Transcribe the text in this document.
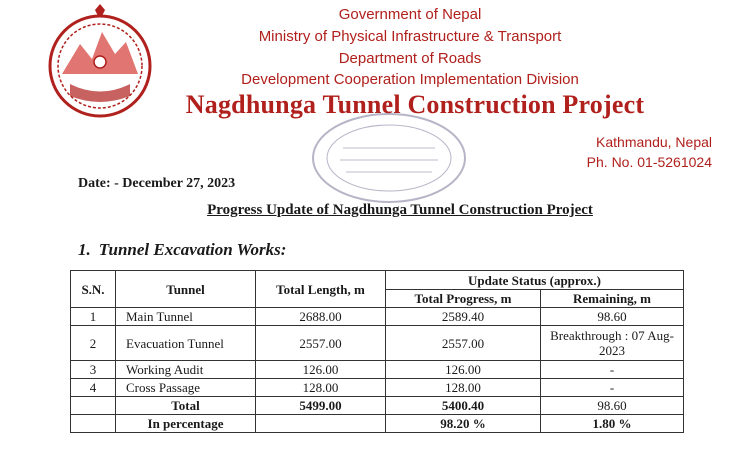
Government of Nepal
Ministry of Physical Infrastructure & Transport
Department of Roads
Development Cooperation Implementation Division
Nagdhunga Tunnel Construction Project
Kathmandu, Nepal
Ph. No. 01-5261024
Date: - December 27, 2023
Progress Update of Nagdhunga Tunnel Construction Project
1. Tunnel Excavation Works:
S.N.	Tunnel	Total Length, m	Update Status (approx.)	
			Total Progress, m	Remaining, m
1	Main Tunnel	2688.00	2589.40	98.60
2	Evacuation Tunnel	2557.00	2557.00	Breakthrough : 07 Aug-2023
3	Working Audit	126.00	126.00	-
4	Cross Passage	128.00	128.00	-
	Total	5499.00	5400.40	98.60
	In percentage		98.20 %	1.80 %
